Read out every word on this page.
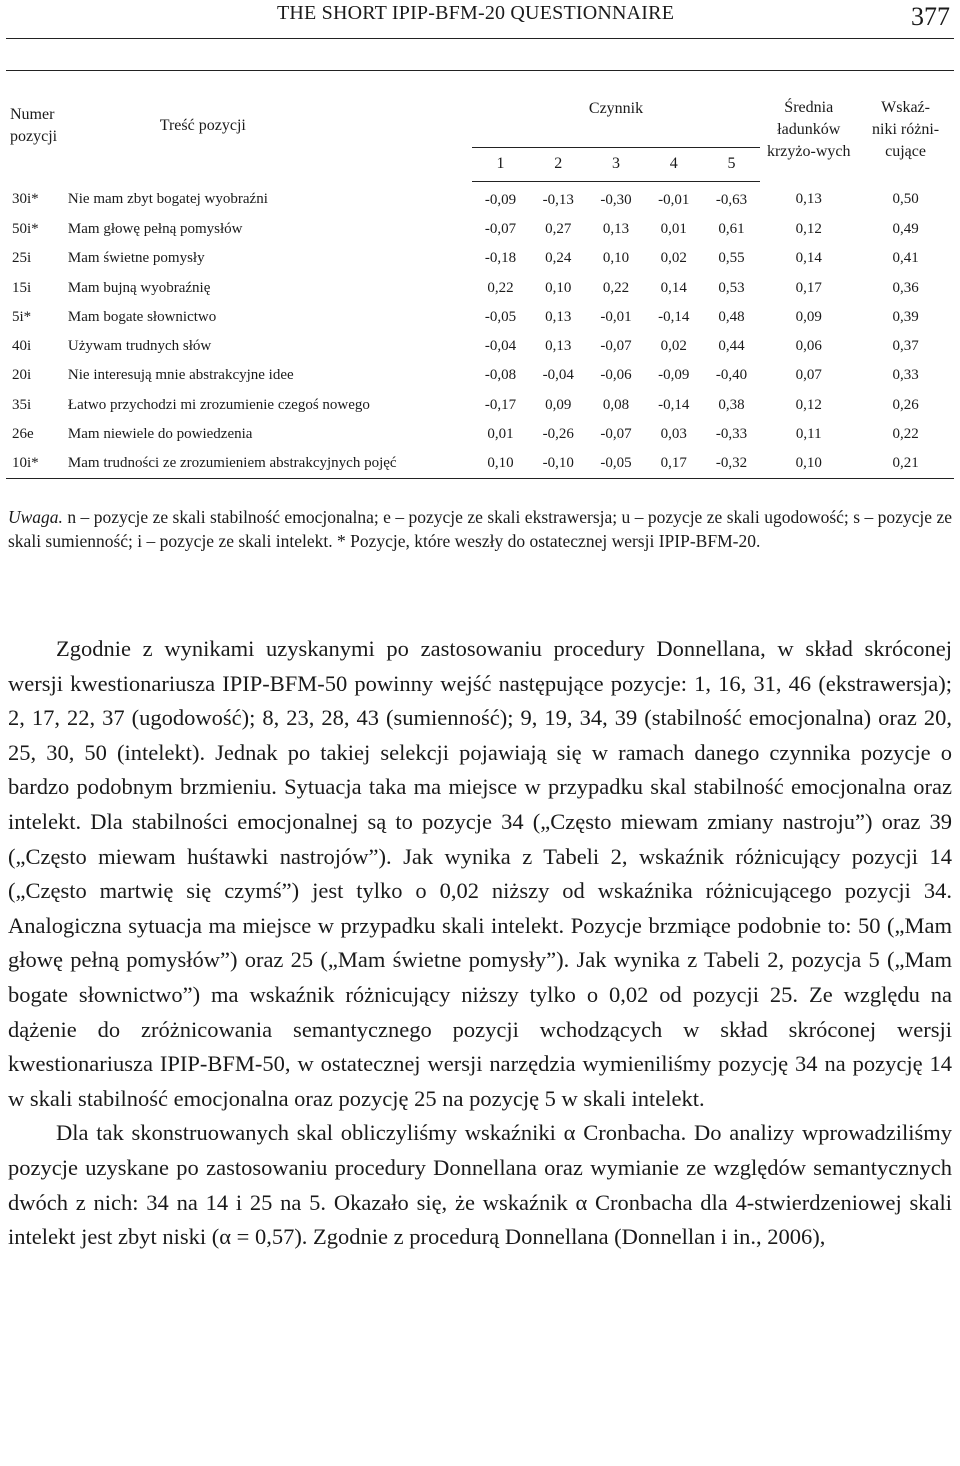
THE SHORT IPIP-BFM-20 QUESTIONNAIRE	377
Numer pozycji	Treść pozycji	Czynnik					Średnia ładunków krzyżo-wych	Wskaź-niki różni-cujące
		1	2	3	4	5		
30i*	Nie mam zbyt bogatej wyobraźni	-0,09	-0,13	-0,30	-0,01	-0,63	0,13	0,50
50i*	Mam głowę pełną pomysłów	-0,07	0,27	0,13	0,01	0,61	0,12	0,49
25i	Mam świetne pomysły	-0,18	0,24	0,10	0,02	0,55	0,14	0,41
15i	Mam bujną wyobraźnię	0,22	0,10	0,22	0,14	0,53	0,17	0,36
5i*	Mam bogate słownictwo	-0,05	0,13	-0,01	-0,14	0,48	0,09	0,39
40i	Używam trudnych słów	-0,04	0,13	-0,07	0,02	0,44	0,06	0,37
20i	Nie interesują mnie abstrakcyjne idee	-0,08	-0,04	-0,06	-0,09	-0,40	0,07	0,33
35i	Łatwo przychodzi mi zrozumienie czegoś nowego	-0,17	0,09	0,08	-0,14	0,38	0,12	0,26
26e	Mam niewiele do powiedzenia	0,01	-0,26	-0,07	0,03	-0,33	0,11	0,22
10i*	Mam trudności ze zrozumieniem abstrakcyjnych pojęć	0,10	-0,10	-0,05	0,17	-0,32	0,10	0,21
Uwaga. n – pozycje ze skali stabilność emocjonalna; e – pozycje ze skali ekstrawersja; u – pozycje ze skali ugodowość; s – pozycje ze skali sumienność; i – pozycje ze skali intelekt. * Pozycje, które weszły do ostatecznej wersji IPIP-BFM-20.

Zgodnie z wynikami uzyskanymi po zastosowaniu procedury Donnellana, w skład skróconej wersji kwestionariusza IPIP-BFM-50 powinny wejść następujące pozycje: 1, 16, 31, 46 (ekstrawersja); 2, 17, 22, 37 (ugodowość); 8, 23, 28, 43 (sumienność); 9, 19, 34, 39 (stabilność emocjonalna) oraz 20, 25, 30, 50 (intelekt). Jednak po takiej selekcji pojawiają się w ramach danego czynnika pozycje o bardzo podobnym brzmieniu. Sytuacja taka ma miejsce w przypadku skal stabilność emocjonalna oraz intelekt. Dla stabilności emocjonalnej są to pozycje 34 („Często miewam zmiany nastroju”) oraz 39 („Często miewam huśtawki nastrojów”). Jak wynika z Tabeli 2, wskaźnik różnicujący pozycji 14 („Często martwię się czymś”) jest tylko o 0,02 niższy od wskaźnika różnicującego pozycji 34. Analogiczna sytuacja ma miejsce w przypadku skali intelekt. Pozycje brzmiące podobnie to: 50 („Mam głowę pełną pomysłów”) oraz 25 („Mam świetne pomysły”). Jak wynika z Tabeli 2, pozycja 5 („Mam bogate słownictwo”) ma wskaźnik różnicujący niższy tylko o 0,02 od pozycji 25. Ze względu na dążenie do zróżnicowania semantycznego pozycji wchodzących w skład skróconej wersji kwestionariusza IPIP-BFM-50, w ostatecznej wersji narzędzia wymieniliśmy pozycję 34 na pozycję 14 w skali stabilność emocjonalna oraz pozycję 25 na pozycję 5 w skali intelekt.

Dla tak skonstruowanych skal obliczyliśmy wskaźniki α Cronbacha. Do analizy wprowadziliśmy pozycje uzyskane po zastosowaniu procedury Donnellana oraz wymianie ze względów semantycznych dwóch z nich: 34 na 14 i 25 na 5. Okazało się, że wskaźnik α Cronbacha dla 4-stwierdzeniowej skali intelekt jest zbyt niski (α = 0,57). Zgodnie z procedurą Donnellana (Donnellan i in., 2006),
